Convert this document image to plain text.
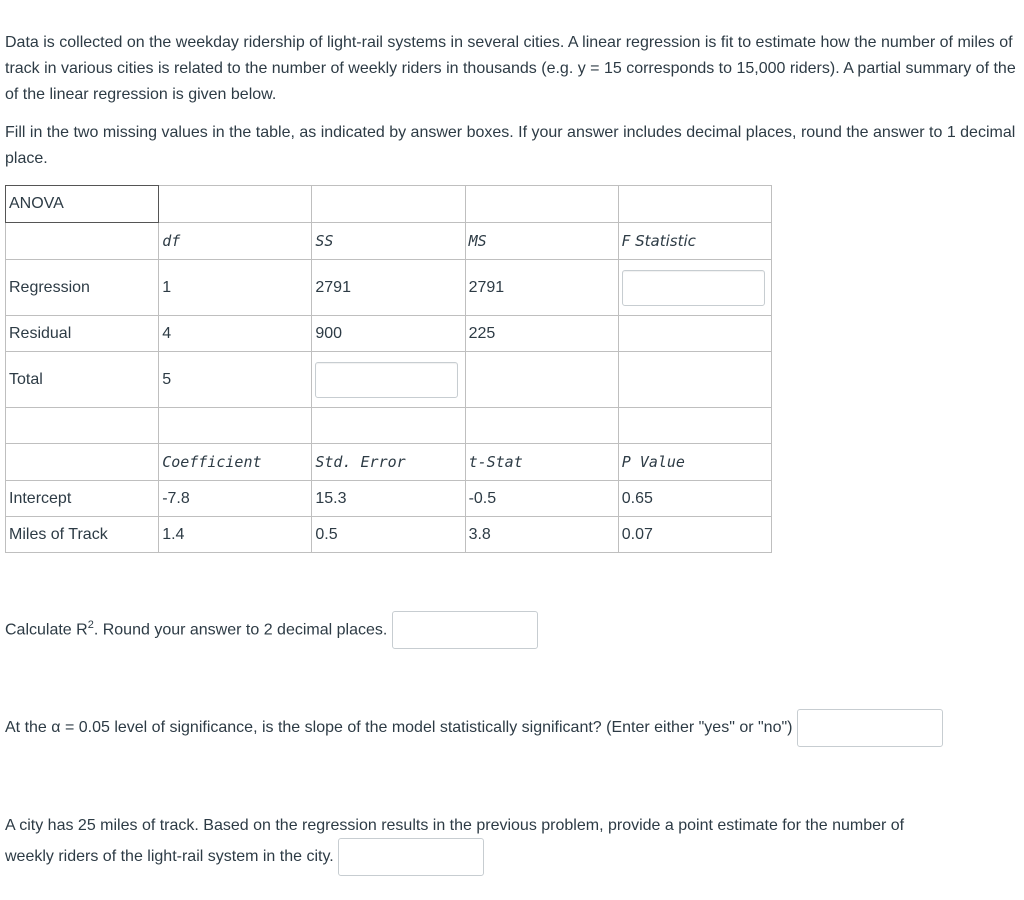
Data is collected on the weekday ridership of light-rail systems in several cities. A linear regression is fit to estimate how the number of miles of track in various cities is related to the number of weekly riders in thousands (e.g. y = 15 corresponds to 15,000 riders). A partial summary of the of the linear regression is given below.

Fill in the two missing values in the table, as indicated by answer boxes. If your answer includes decimal places, round the answer to 1 decimal place.

ANOVA				
	df	SS	MS	F Statistic
Regression	1	2791	2791	

Residual	4	900	225	
Total	5	

	Coefficient	Std. Error	t-Stat	P Value
Intercept	-7.8	15.3	-0.5	0.65
Miles of Track	1.4	0.5	3.8	0.07

Calculate $R^2$. Round your answer to 2 decimal places.

At the α = 0.05 level of significance, is the slope of the model statistically significant? (Enter either "yes" or "no")

A city has 25 miles of track. Based on the regression results in the previous problem, provide a point estimate for the number of

weekly riders of the light-rail system in the city.
